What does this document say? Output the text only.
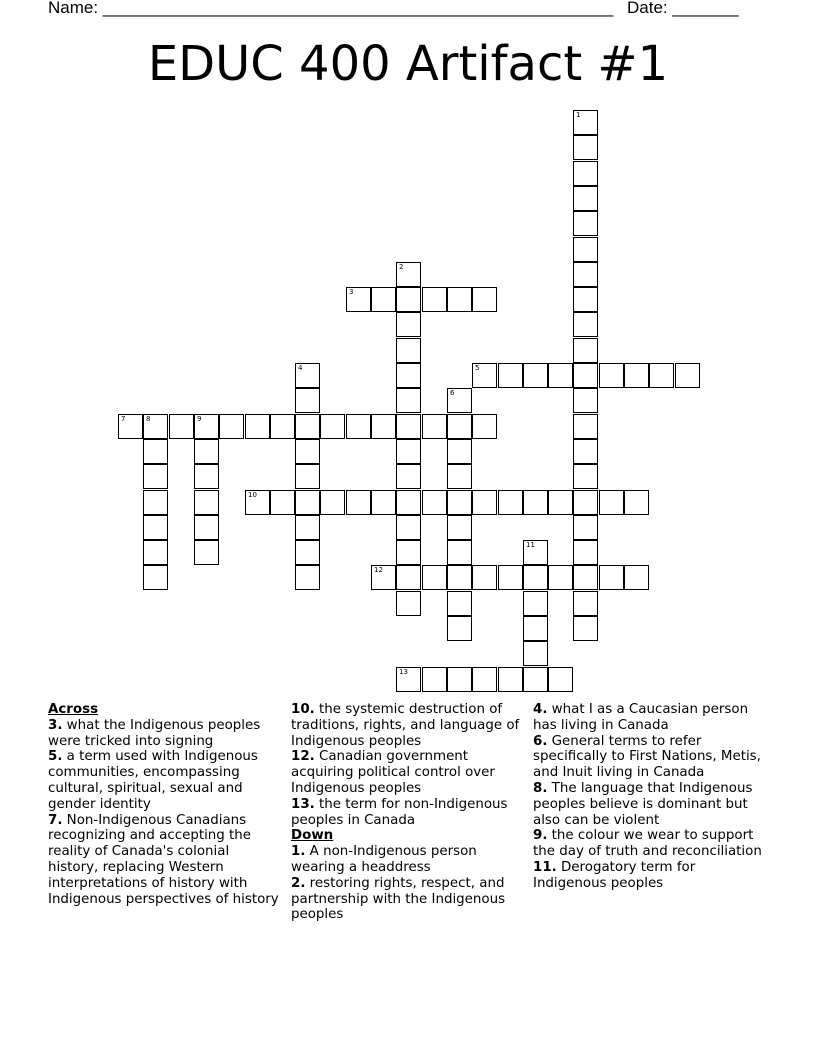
Name: ______________________________________________________ Date: _______
EDUC 400 Artifact #1
1
2
3
4	5
6
7	8	9
10
11
12
13
Across
3. what the Indigenous peoples were tricked into signing
5. a term used with Indigenous communities, encompassing cultural, spiritual, sexual and gender identity
7. Non-Indigenous Canadians recognizing and accepting the reality of Canada's colonial history, replacing Western interpretations of history with Indigenous perspectives of history
10. the systemic destruction of traditions, rights, and language of Indigenous peoples
12. Canadian government acquiring political control over Indigenous peoples
13. the term for non-Indigenous peoples in Canada
Down
1. A non-Indigenous person wearing a headdress
2. restoring rights, respect, and partnership with the Indigenous peoples
4. what I as a Caucasian person has living in Canada
6. General terms to refer specifically to First Nations, Metis, and Inuit living in Canada
8. The language that Indigenous peoples believe is dominant but also can be violent
9. the colour we wear to support the day of truth and reconciliation
11. Derogatory term for Indigenous peoples
